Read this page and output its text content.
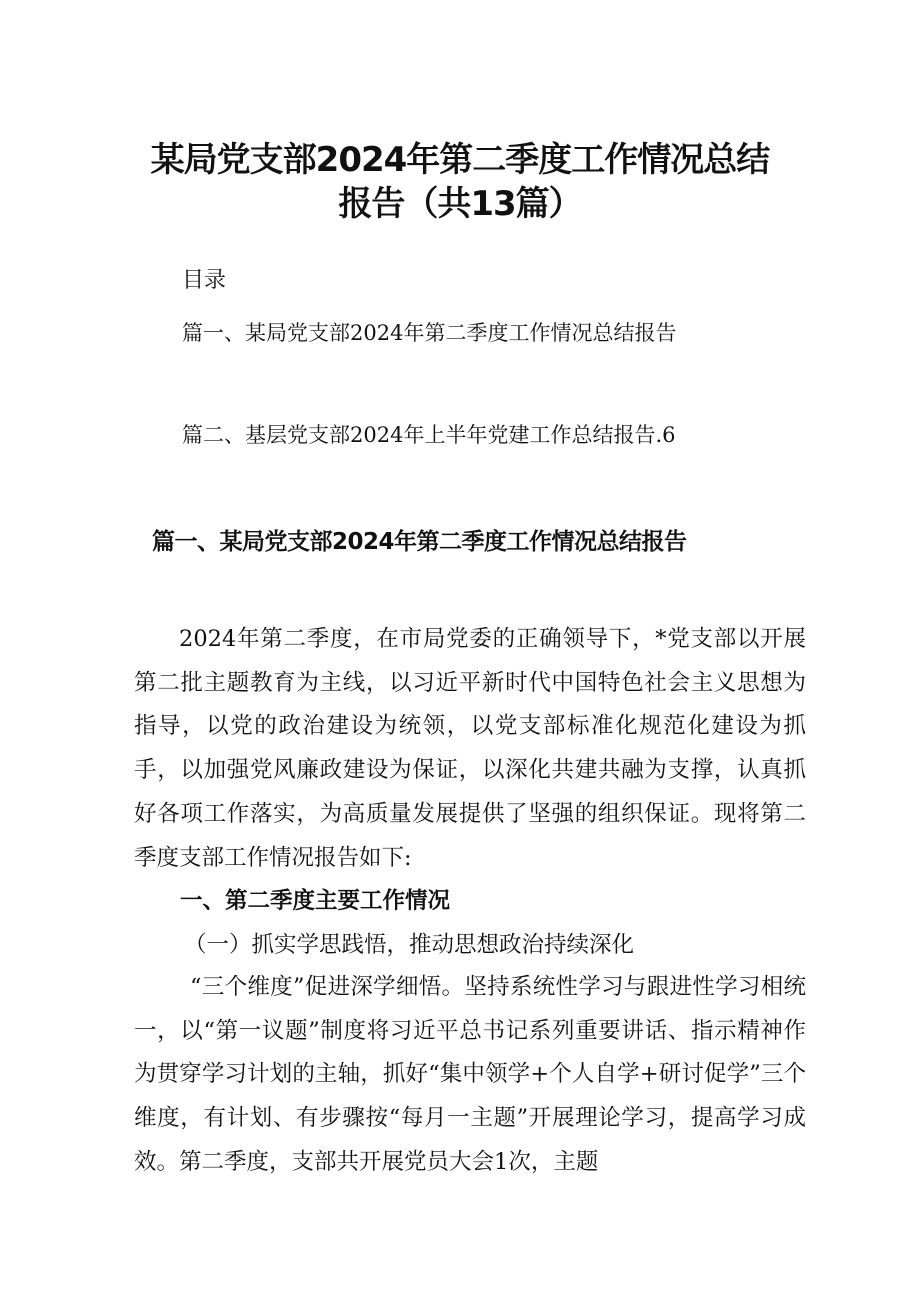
某局党支部2024年第二季度工作情况总结
报告（共13篇）
目录
篇一、某局党支部2024年第二季度工作情况总结报告
篇二、基层党支部2024年上半年党建工作总结报告.6
篇一、某局党支部2024年第二季度工作情况总结报告

2024年第二季度，在市局党委的正确领导下，*党支部以开展第二批主题教育为主线，以习近平新时代中国特色社会主义思想为指导，以党的政治建设为统领，以党支部标准化规范化建设为抓手，以加强党风廉政建设为保证，以深化共建共融为支撑，认真抓好各项工作落实，为高质量发展提供了坚强的组织保证。现将第二季度支部工作情况报告如下:

一、第二季度主要工作情况
（一）抓实学思践悟，推动思想政治持续深化

“三个维度”促进深学细悟。坚持系统性学习与跟进性学习相统一，以“第一议题”制度将习近平总书记系列重要讲话、指示精神作为贯穿学习计划的主轴，抓好“集中领学+个人自学+研讨促学”三个维度，有计划、有步骤按“每月一主题”开展理论学习，提高学习成效。第二季度，支部共开展党员大会1次，主题
